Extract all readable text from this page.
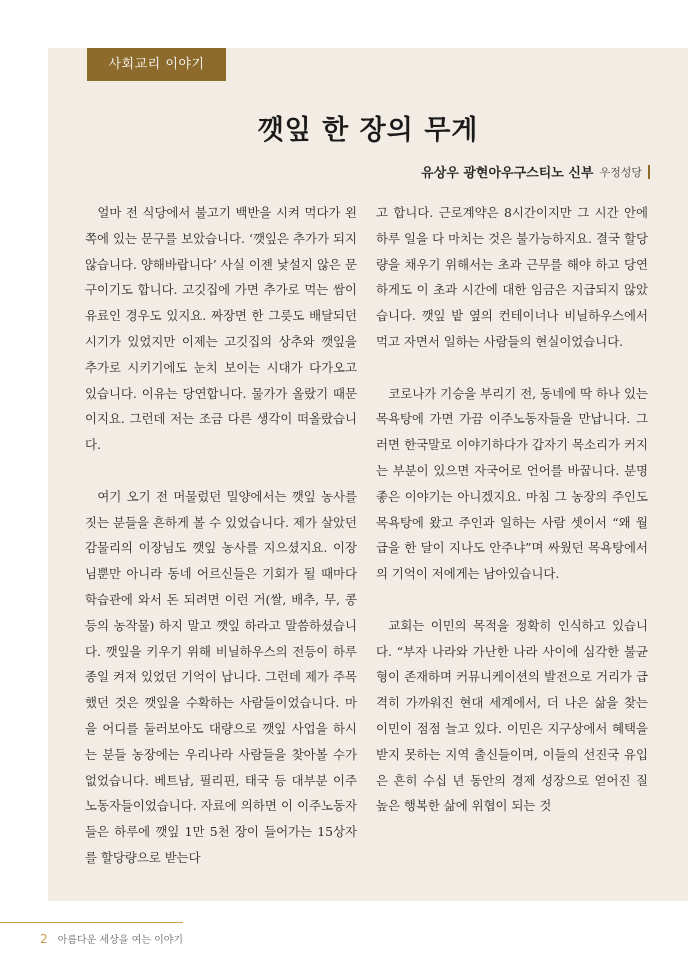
사회교리 이야기
깻잎 한 장의 무게
유상우 광현아우구스티노 신부 우정성당

얼마 전 식당에서 불고기 백반을 시켜 먹다가 왼쪽에 있는 문구를 보았습니다. ‘깻잎은 추가가 되지 않습니다. 양해바랍니다’ 사실 이젠 낯설지 않은 문구이기도 합니다. 고깃집에 가면 추가로 먹는 쌈이 유료인 경우도 있지요. 짜장면 한 그릇도 배달되던 시기가 있었지만 이제는 고깃집의 상추와 깻잎을 추가로 시키기에도 눈치 보이는 시대가 다가오고 있습니다. 이유는 당연합니다. 물가가 올랐기 때문이지요. 그런데 저는 조금 다른 생각이 떠올랐습니다.

여기 오기 전 머물렀던 밀양에서는 깻잎 농사를 짓는 분들을 흔하게 볼 수 있었습니다. 제가 살았던 감물리의 이장님도 깻잎 농사를 지으셨지요. 이장님뿐만 아니라 동네 어르신들은 기회가 될 때마다 학습관에 와서 돈 되려면 이런 거(쌀, 배추, 무, 콩 등의 농작물) 하지 말고 깻잎 하라고 말씀하셨습니다. 깻잎을 키우기 위해 비닐하우스의 전등이 하루 종일 켜져 있었던 기억이 납니다. 그런데 제가 주목했던 것은 깻잎을 수확하는 사람들이었습니다. 마을 어디를 둘러보아도 대량으로 깻잎 사업을 하시는 분들 농장에는 우리나라 사람들을 찾아볼 수가 없었습니다. 베트남, 필리핀, 태국 등 대부분 이주노동자들이었습니다. 자료에 의하면 이 이주노동자들은 하루에 깻잎 1만 5천 장이 들어가는 15상자를 할당량으로 받는다

고 합니다. 근로계약은 8시간이지만 그 시간 안에 하루 일을 다 마치는 것은 불가능하지요. 결국 할당량을 채우기 위해서는 초과 근무를 해야 하고 당연하게도 이 초과 시간에 대한 임금은 지급되지 않았습니다. 깻잎 밭 옆의 컨테이너나 비닐하우스에서 먹고 자면서 일하는 사람들의 현실이었습니다.

코로나가 기승을 부리기 전, 동네에 딱 하나 있는 목욕탕에 가면 가끔 이주노동자들을 만납니다. 그러면 한국말로 이야기하다가 갑자기 목소리가 커지는 부분이 있으면 자국어로 언어를 바꿉니다. 분명 좋은 이야기는 아니겠지요. 마침 그 농장의 주인도 목욕탕에 왔고 주인과 일하는 사람 셋이서 “왜 월급을 한 달이 지나도 안주냐”며 싸웠던 목욕탕에서의 기억이 저에게는 남아있습니다.

교회는 이민의 목적을 정확히 인식하고 있습니다. “부자 나라와 가난한 나라 사이에 심각한 불균형이 존재하며 커뮤니케이션의 발전으로 거리가 급격히 가까워진 현대 세계에서, 더 나은 삶을 찾는 이민이 점점 늘고 있다. 이민은 지구상에서 혜택을 받지 못하는 지역 출신들이며, 이들의 선진국 유입은 흔히 수십 년 동안의 경제 성장으로 얻어진 질 높은 행복한 삶에 위협이 되는 것

2 아름다운 세상을 여는 이야기
